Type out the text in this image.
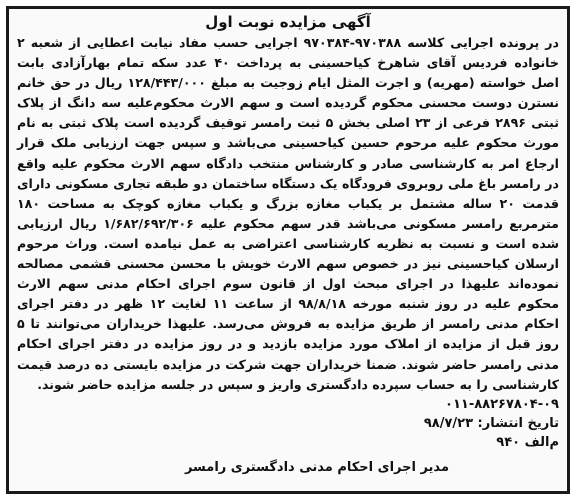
آگهی مزایده نوبت اول

در پرونده اجرایی کلاسه ۹۷۰۳۸۸-۹۷۰۳۸۴ اجرایی حسب مفاد نیابت اعطایی از شعبه ۲ خانواده فردیس آقای شاهرخ کیاحسینی به پرداخت ۴۰ عدد سکه تمام بهارآزادی بابت اصل خواسته (مهریه) و اجرت المثل ایام زوجیت به مبلغ ۱۲۸/۴۴۳/۰۰۰ ریال در حق خانم نسترن دوست محسنی محکوم گردیده است و سهم الارث محکوم‌علیه سه دانگ از پلاک ثبتی ۲۸۹۶ فرعی از ۲۳ اصلی بخش ۵ ثبت رامسر توقیف گردیده است پلاک ثبتی به نام مورث محکوم علیه مرحوم حسین کیاحسینی می‌باشد و سپس جهت ارزیابی ملک قرار ارجاع امر به کارشناسی صادر و کارشناس منتخب دادگاه سهم الارث محکوم علیه واقع در رامسر باغ ملی روبروی فرودگاه یک دستگاه ساختمان دو طبقه تجاری مسکونی دارای قدمت ۲۰ ساله مشتمل بر یکباب مغازه بزرگ و یکباب مغازه کوچک به مساحت ۱۸۰ مترمربع رامسر مسکونی می‌باشد قدر سهم محکوم علیه ۱/۶۸۲/۶۹۲/۳۰۶ ریال ارزیابی شده است و نسبت به نظریه کارشناسی اعتراضی به عمل نیامده است. وراث مرحوم ارسلان کیاحسینی نیز در خصوص سهم الارث خویش با محسن محسنی قشمی مصالحه نموده‌اند علیهذا در اجرای مبحث اول از قانون سوم اجرای احکام مدنی سهم الارث محکوم علیه در روز شنبه مورخه ۹۸/۸/۱۸ از ساعت ۱۱ لغایت ۱۲ ظهر در دفتر اجرای احکام مدنی رامسر از طریق مزایده به فروش می‌رسد. علیهذا خریداران می‌توانند تا ۵ روز قبل از مزایده از املاک مورد مزایده بازدید و در روز مزایده در دفتر اجرای احکام مدنی رامسر حاضر شوند. ضمنا خریداران جهت شرکت در مزایده بایستی ده درصد قیمت کارشناسی را به حساب سپرده دادگستری واریز و سپس در جلسه مزایده حاضر شوند.

۰۱۱-۸۸۲۶۷۸۰۴-۰۹

تاریخ انتشار: ۹۸/۷/۲۳

م‌الف ۹۴۰

مدیر اجرای احکام مدنی دادگستری رامسر
